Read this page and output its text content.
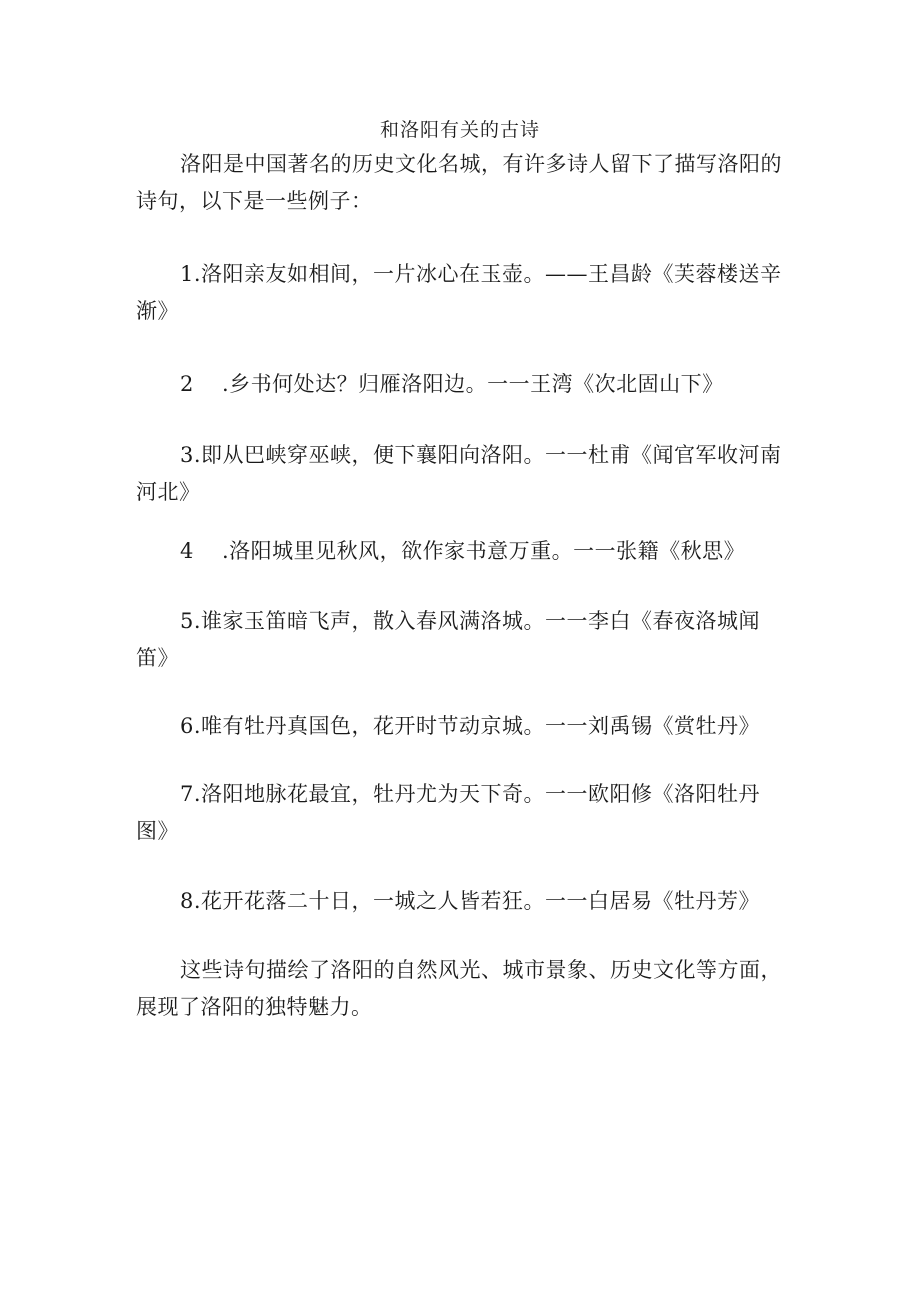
和洛阳有关的古诗

洛阳是中国著名的历史文化名城，有许多诗人留下了描写洛阳的诗句，以下是一些例子：

1.洛阳亲友如相间，一片冰心在玉壶。——王昌龄《芙蓉楼送辛渐》

2 .乡书何处达？归雁洛阳边。一一王湾《次北固山下》

3.即从巴峡穿巫峡，便下襄阳向洛阳。一一杜甫《闻官军收河南河北》

4 .洛阳城里见秋风，欲作家书意万重。一一张籍《秋思》

5.谁家玉笛暗飞声，散入春风满洛城。一一李白《春夜洛城闻笛》

6.唯有牡丹真国色，花开时节动京城。一一刘禹锡《赏牡丹》

7.洛阳地脉花最宜，牡丹尤为天下奇。一一欧阳修《洛阳牡丹图》

8.花开花落二十日，一城之人皆若狂。一一白居易《牡丹芳》

这些诗句描绘了洛阳的自然风光、城市景象、历史文化等方面，展现了洛阳的独特魅力。
